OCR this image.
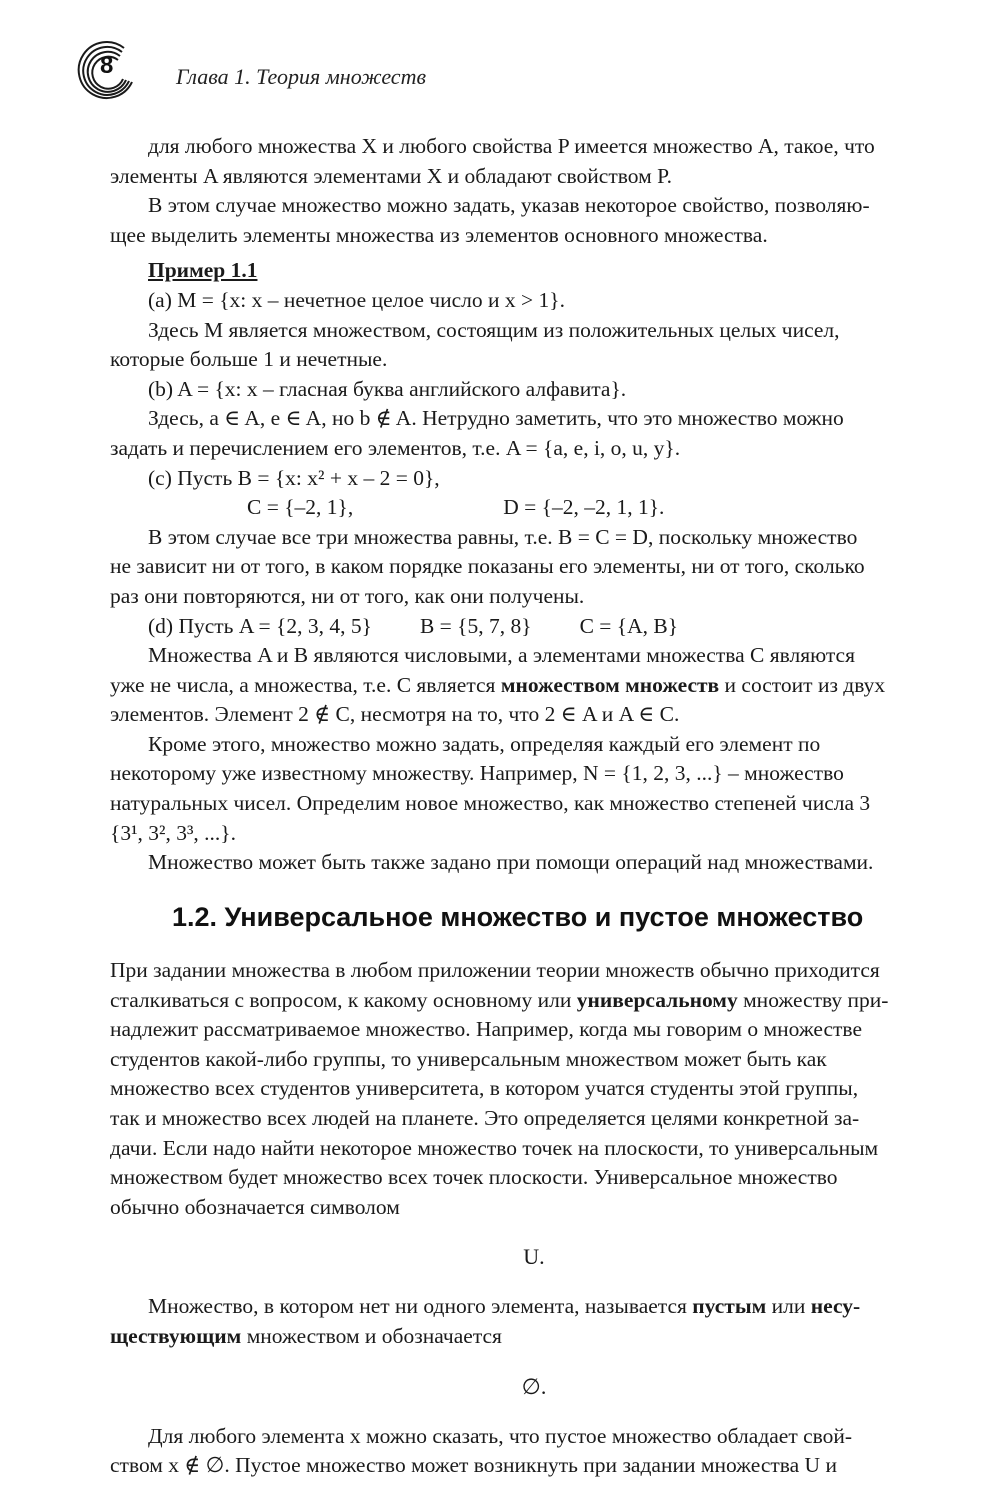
8	Глава 1. Теория множеств

для любого множества X и любого свойства P имеется множество A, такое, что

элементы A являются элементами X и обладают свойством P.

В этом случае множество можно задать, указав некоторое свойство, позволяю-

щее выделить элементы множества из элементов основного множества.

Пример 1.1

(a) M = {x: x – нечетное целое число и x > 1}.

Здесь M является множеством, состоящим из положительных целых чисел,

которые больше 1 и нечетные.

(b) A = {x: x – гласная буква английского алфавита}.

Здесь, a ∈ A, e ∈ A, но b ∉ A. Нетрудно заметить, что это множество можно

задать и перечислением его элементов, т.е. A = {a, e, i, o, u, y}.

(c) Пусть B = {x: x² + x – 2 = 0},

C = {–2, 1},	D = {–2, –2, 1, 1}.

В этом случае все три множества равны, т.е. B = C = D, поскольку множество

не зависит ни от того, в каком порядке показаны его элементы, ни от того, сколько

раз они повторяются, ни от того, как они получены.

(d) Пусть A = {2, 3, 4, 5} B = {5, 7, 8} C = {A, B}

Множества A и B являются числовыми, а элементами множества C являются

уже не числа, а множества, т.е. C является множеством множеств и состоит из двух

элементов. Элемент 2 ∉ C, несмотря на то, что 2 ∈ A и A ∈ C.

Кроме этого, множество можно задать, определяя каждый его элемент по

некоторому уже известному множеству. Например, N = {1, 2, 3, ...} – множество

натуральных чисел. Определим новое множество, как множество степеней числа 3

{3¹, 3², 3³, ...}.

Множество может быть также задано при помощи операций над множествами.

1.2. Универсальное множество и пустое множество

При задании множества в любом приложении теории множеств обычно приходится

сталкиваться с вопросом, к какому основному или универсальному множеству при-

надлежит рассматриваемое множество. Например, когда мы говорим о множестве

студентов какой-либо группы, то универсальным множеством может быть как

множество всех студентов университета, в котором учатся студенты этой группы,

так и множество всех людей на планете. Это определяется целями конкретной за-

дачи. Если надо найти некоторое множество точек на плоскости, то универсальным

множеством будет множество всех точек плоскости. Универсальное множество

обычно обозначается символом

U.

Множество, в котором нет ни одного элемента, называется пустым или несу-

ществующим множеством и обозначается

∅.

Для любого элемента x можно сказать, что пустое множество обладает свой-

ством x ∉ ∅. Пустое множество может возникнуть при задании множества U и
